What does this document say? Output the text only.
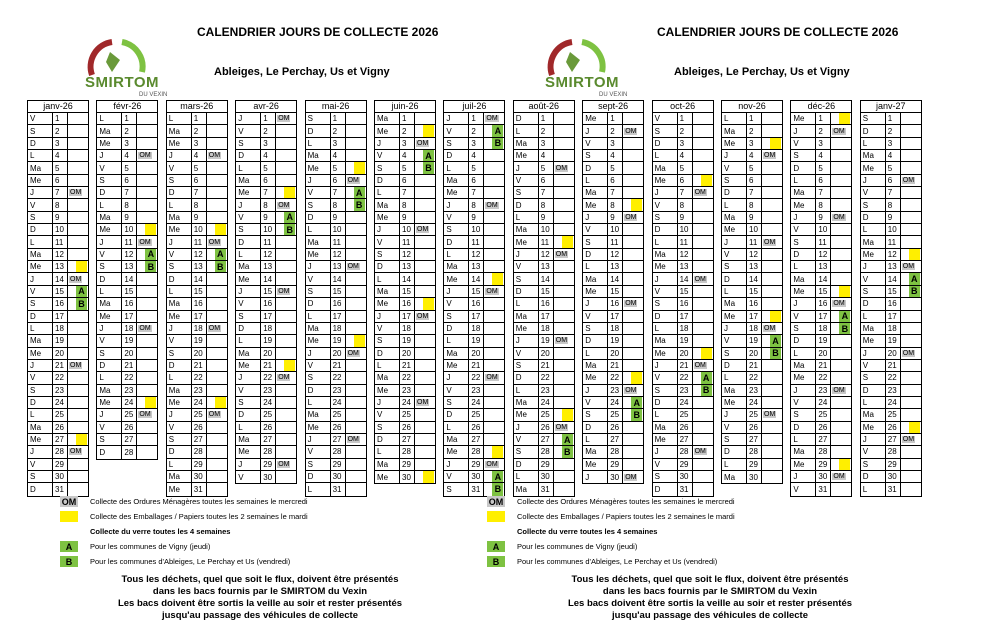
SMIRTOM
DU VEXIN
CALENDRIER JOURS DE COLLECTE 2026
Ableiges, Le Perchay, Us et Vigny
SMIRTOM
DU VEXIN
CALENDRIER JOURS DE COLLECTE 2026
Ableiges, Le Perchay, Us et Vigny
janv-26
V	1
S	2
D	3
L	4
Ma	5
Me	6
J	7	OM
V	8
S	9
D	10
L	11
Ma	12
Me	13
J	14 OM
V	15	A
S	16	B
D	17
L	18
Ma	19
Me	20
J	21 OM
V	22
S	23
D	24
L	25
Ma	26
Me	27
J	28 OM
V	29
S	30
D	31
févr-26
L	1
Ma	2
Me	3
J	4	OM
V	5
S	6
D	7
L	8
Ma	9
Me	10
J	11 OM
V	12	A
S	13	B
D	14
L	15
Ma	16
Me	17
J	18 OM
V	19
S	20
D	21
L	22
Ma	23
Me	24
J	25 OM
V	26
S	27
D	28
mars-26
L	1
Ma	2
Me	3
J	4	OM
V	5
S	6
D	7
L	8
Ma	9
Me	10
J	11 OM
V	12	A
S	13	B
D	14
L	15
Ma	16
Me	17
J	18 OM
V	19
S	20
D	21
L	22
Ma	23
Me	24
J	25 OM
V	26
S	27
D	28
L	29
Ma	30
Me	31
avr-26
J	1	OM
V	2
S	3
D	4
L	5
Ma	6
Me	7
J	8	OM
V	9	A
S	10	B
D	11
L	12
Ma	13
Me	14
J	15 OM
V	16
S	17
D	18
L	19
Ma	20
Me	21
J	22 OM
V	23
S	24
D	25
L	26
Ma	27
Me	28
J	29 OM
V	30
mai-26
S	1
D	2
L	3
Ma	4
Me	5
J	6	OM
V	7	A
S	8	B
D	9
L	10
Ma	11
Me	12
J	13 OM
V	14
S	15
D	16
L	17
Ma	18
Me	19
J	20 OM
V	21
S	22
D	23
L	24
Ma	25
Me	26
J	27 OM
V	28
S	29
D	30
L	31
juin-26
Ma	1
Me	2
J	3	OM
V	4	A
S	5	B
D	6
L	7
Ma	8
Me	9
J	10 OM
V	11
S	12
D	13
L	14
Ma	15
Me	16
J	17 OM
V	18
S	19
D	20
L	21
Ma	22
Me	23
J	24 OM
V	25
S	26
D	27
L	28
Ma	29
Me	30
juil-26
J	1	OM
V	2	A
S	3	B
D	4
L	5
Ma	6
Me	7
J	8	OM
V	9
S	10
D	11
L	12
Ma	13
Me	14
J	15 OM
V	16
S	17
D	18
L	19
Ma	20
Me	21
J	22 OM
V	23
S	24
D	25
L	26
Ma	27
Me	28
J	29 OM
V	30	A
S	31	B
août-26
D	1
L	2
Ma	3
Me	4
J	5	OM
V	6
S	7
D	8
L	9
Ma	10
Me	11
J	12 OM
V	13
S	14
D	15
L	16
Ma	17
Me	18
J	19 OM
V	20
S	21
D	22
L	23
Ma	24
Me	25
J	26 OM
V	27	A
S	28	B
D	29
L	30
Ma	31
sept-26
Me	1
J	2	OM
V	3
S	4
D	5
L	6
Ma	7
Me	8
J	9	OM
V	10
S	11
D	12
L	13
Ma	14
Me	15
J	16 OM
V	17
S	18
D	19
L	20
Ma	21
Me	22
J	23 OM
V	24	A
S	25	B
D	26
L	27
Ma	28
Me	29
J	30 OM
oct-26
V	1
S	2
D	3
L	4
Ma	5
Me	6
J	7	OM
V	8
S	9
D	10
L	11
Ma	12
Me	13
J	14 OM
V	15
S	16
D	17
L	18
Ma	19
Me	20
J	21 OM
V	22	A
S	23	B
D	24
L	25
Ma	26
Me	27
J	28 OM
V	29
S	30
D	31
nov-26
L	1
Ma	2
Me	3
J	4	OM
V	5
S	6
D	7
L	8
Ma	9
Me	10
J	11 OM
V	12
S	13
D	14
L	15
Ma	16
Me	17
J	18 OM
V	19	A
S	20	B
D	21
L	22
Ma	23
Me	24
J	25 OM
V	26
S	27
D	28
L	29
Ma	30
déc-26
Me	1
J	2	OM
V	3
S	4
D	5
L	6
Ma	7
Me	8
J	9	OM
V	10
S	11
D	12
L	13
Ma	14
Me	15
J	16 OM
V	17	A
S	18	B
D	19
L	20
Ma	21
Me	22
J	23 OM
V	24
S	25
D	26
L	27
Ma	28
Me	29
J	30 OM
V	31
janv-27
S	1
D	2
L	3
Ma	4
Me	5
J	6	OM
V	7
S	8
D	9
L	10
Ma	11
Me	12
J	13 OM
V	14	A
S	15	B
D	16
L	17
Ma	18
Me	19
J	20 OM
V	21
S	22
D	23
L	24
Ma	25
Me	26
J	27 OM
V	28
S	29
D	30
L	31
OM Collecte des Ordures Ménagères toutes les semaines le mercredi
Collecte des Emballages / Papiers toutes les 2 semaines le mardi
Collecte du verre toutes les 4 semaines
A	Pour les communes de Vigny (jeudi)
B	Pour les communes d'Ableiges, Le Perchay et Us (vendredi)
OM Collecte des Ordures Ménagères toutes les semaines le mercredi
Collecte des Emballages / Papiers toutes les 2 semaines le mardi
Collecte du verre toutes les 4 semaines
A	Pour les communes de Vigny (jeudi)
B	Pour les communes d'Ableiges, Le Perchay et Us (vendredi)
Tous les déchets, quel que soit le flux, doivent être présentés
dans les bacs fournis par le SMIRTOM du Vexin
Les bacs doivent être sortis la veille au soir et rester présentés
jusqu'au passage des véhicules de collecte
Tous les déchets, quel que soit le flux, doivent être présentés
dans les bacs fournis par le SMIRTOM du Vexin
Les bacs doivent être sortis la veille au soir et rester présentés
jusqu'au passage des véhicules de collecte
